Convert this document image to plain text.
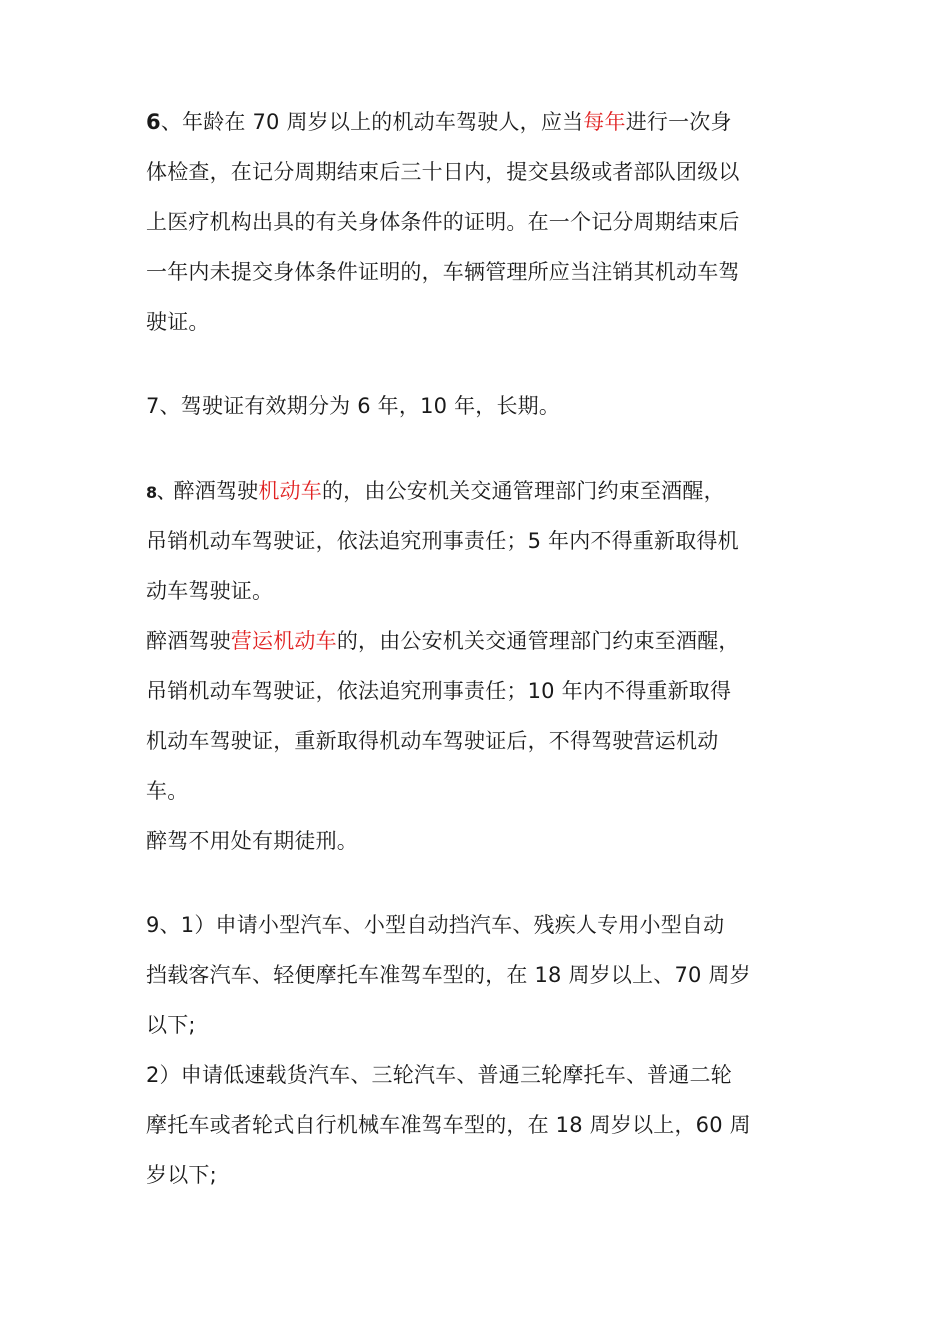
6、年龄在 70 周岁以上的机动车驾驶人，应当每年进行一次身
体检查，在记分周期结束后三十日内，提交县级或者部队团级以
上医疗机构出具的有关身体条件的证明。在一个记分周期结束后
一年内未提交身体条件证明的，车辆管理所应当注销其机动车驾
驶证。
7、驾驶证有效期分为 6 年，10 年，长期。
8、醉酒驾驶机动车的，由公安机关交通管理部门约束至酒醒，
吊销机动车驾驶证，依法追究刑事责任；5 年内不得重新取得机
动车驾驶证。
醉酒驾驶营运机动车的，由公安机关交通管理部门约束至酒醒，
吊销机动车驾驶证，依法追究刑事责任；10 年内不得重新取得
机动车驾驶证，重新取得机动车驾驶证后，不得驾驶营运机动
车。
醉驾不用处有期徒刑。
9、1）申请小型汽车、小型自动挡汽车、残疾人专用小型自动
挡载客汽车、轻便摩托车准驾车型的，在 18 周岁以上、70 周岁
以下;
2）申请低速载货汽车、三轮汽车、普通三轮摩托车、普通二轮
摩托车或者轮式自行机械车准驾车型的，在 18 周岁以上，60 周
岁以下;
